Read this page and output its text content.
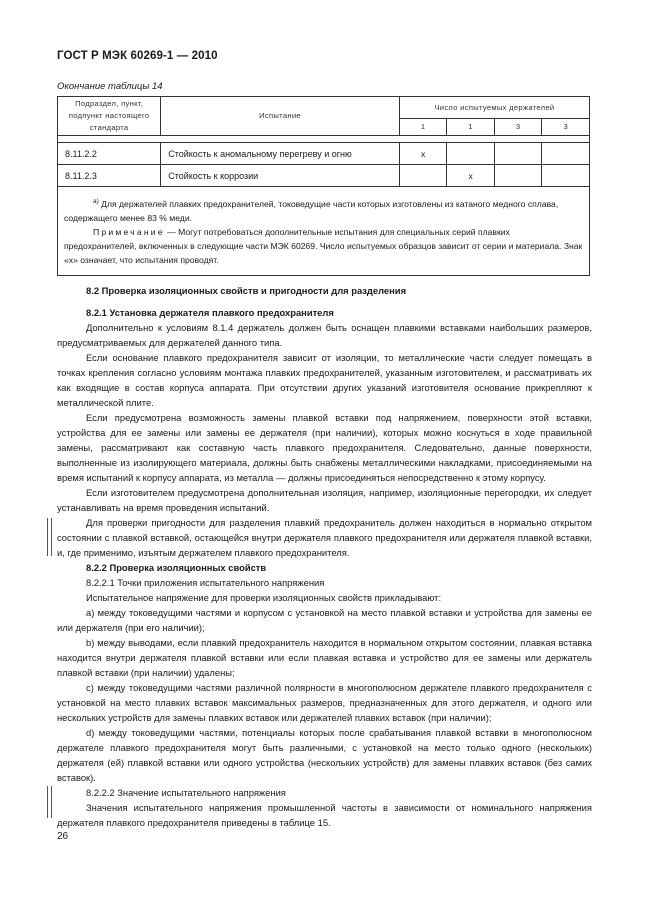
ГОСТ Р МЭК 60269-1 — 2010
Окончание таблицы 14
Подраздел, пункт, подпункт настоящего стандарта	Испытание	Число испытуемых держателей			
		1	1	3	3

8.11.2.2	Стойкость к аномальному перегреву и огню	x			
8.11.2.3	Стойкость к коррозии		x		

$^{а)}$ Для держателей плавких предохранителей, токоведущие части которых изготовлены из катаного медного сплава, содержащего менее 83 % меди.
Примечание — Могут потребоваться дополнительные испытания для специальных серий плавких предохранителей, включенных в следующие части МЭК 60269. Число испытуемых образцов зависит от серии и материала. Знак «x» означает, что испытания проводят.					

8.2 Проверка изоляционных свойств и пригодности для разделения

8.2.1 Установка держателя плавкого предохранителя

Дополнительно к условиям 8.1.4 держатель должен быть оснащен плавкими вставками наибольших размеров, предусматриваемых для держателей данного типа.

Если основание плавкого предохранителя зависит от изоляции, то металлические части следует помещать в точках крепления согласно условиям монтажа плавких предохранителей, указанным изготовителем, и рассматривать их как входящие в состав корпуса аппарата. При отсутствии других указаний изготовителя основание прикрепляют к металлической плите.

Если предусмотрена возможность замены плавкой вставки под напряжением, поверхности этой вставки, устройства для ее замены или замены ее держателя (при наличии), которых можно коснуться в ходе правильной замены, рассматривают как составную часть плавкого предохранителя. Следовательно, данные поверхности, выполненные из изолирующего материала, должны быть снабжены металлическими накладками, присоединяемыми на время испытаний к корпусу аппарата, из металла — должны присоединяться непосредственно к этому корпусу.

Если изготовителем предусмотрена дополнительная изоляция, например, изоляционные перегородки, их следует устанавливать на время проведения испытаний.

Для проверки пригодности для разделения плавкий предохранитель должен находиться в нормально открытом состоянии с плавкой вставкой, остающейся внутри держателя плавкого предохранителя или держателя плавкой вставки, и, где применимо, изъятым держателем плавкого предохранителя.

8.2.2 Проверка изоляционных свойств

8.2.2.1 Точки приложения испытательного напряжения

Испытательное напряжение для проверки изоляционных свойств прикладывают:

a) между токоведущими частями и корпусом с установкой на место плавкой вставки и устройства для замены ее или держателя (при его наличии);

b) между выводами, если плавкий предохранитель находится в нормальном открытом состоянии, плавкая вставка находится внутри держателя плавкой вставки или если плавкая вставка и устройство для ее замены или держатель плавкой вставки (при наличии) удалены;

c) между токоведущими частями различной полярности в многополюсном держателе плавкого предохранителя с установкой на место плавких вставок максимальных размеров, предназначенных для этого держателя, и одного или нескольких устройств для замены плавких вставок или держателей плавких вставок (при наличии);

d) между токоведущими частями, потенциалы которых после срабатывания плавкой вставки в многополюсном держателе плавкого предохранителя могут быть различными, с установкой на место только одного (нескольких) держателя (ей) плавкой вставки или одного устройства (нескольких устройств) для замены плавких вставок (без самих вставок).

8.2.2.2 Значение испытательного напряжения

Значения испытательного напряжения промышленной частоты в зависимости от номинального напряжения держателя плавкого предохранителя приведены в таблице 15.

26
